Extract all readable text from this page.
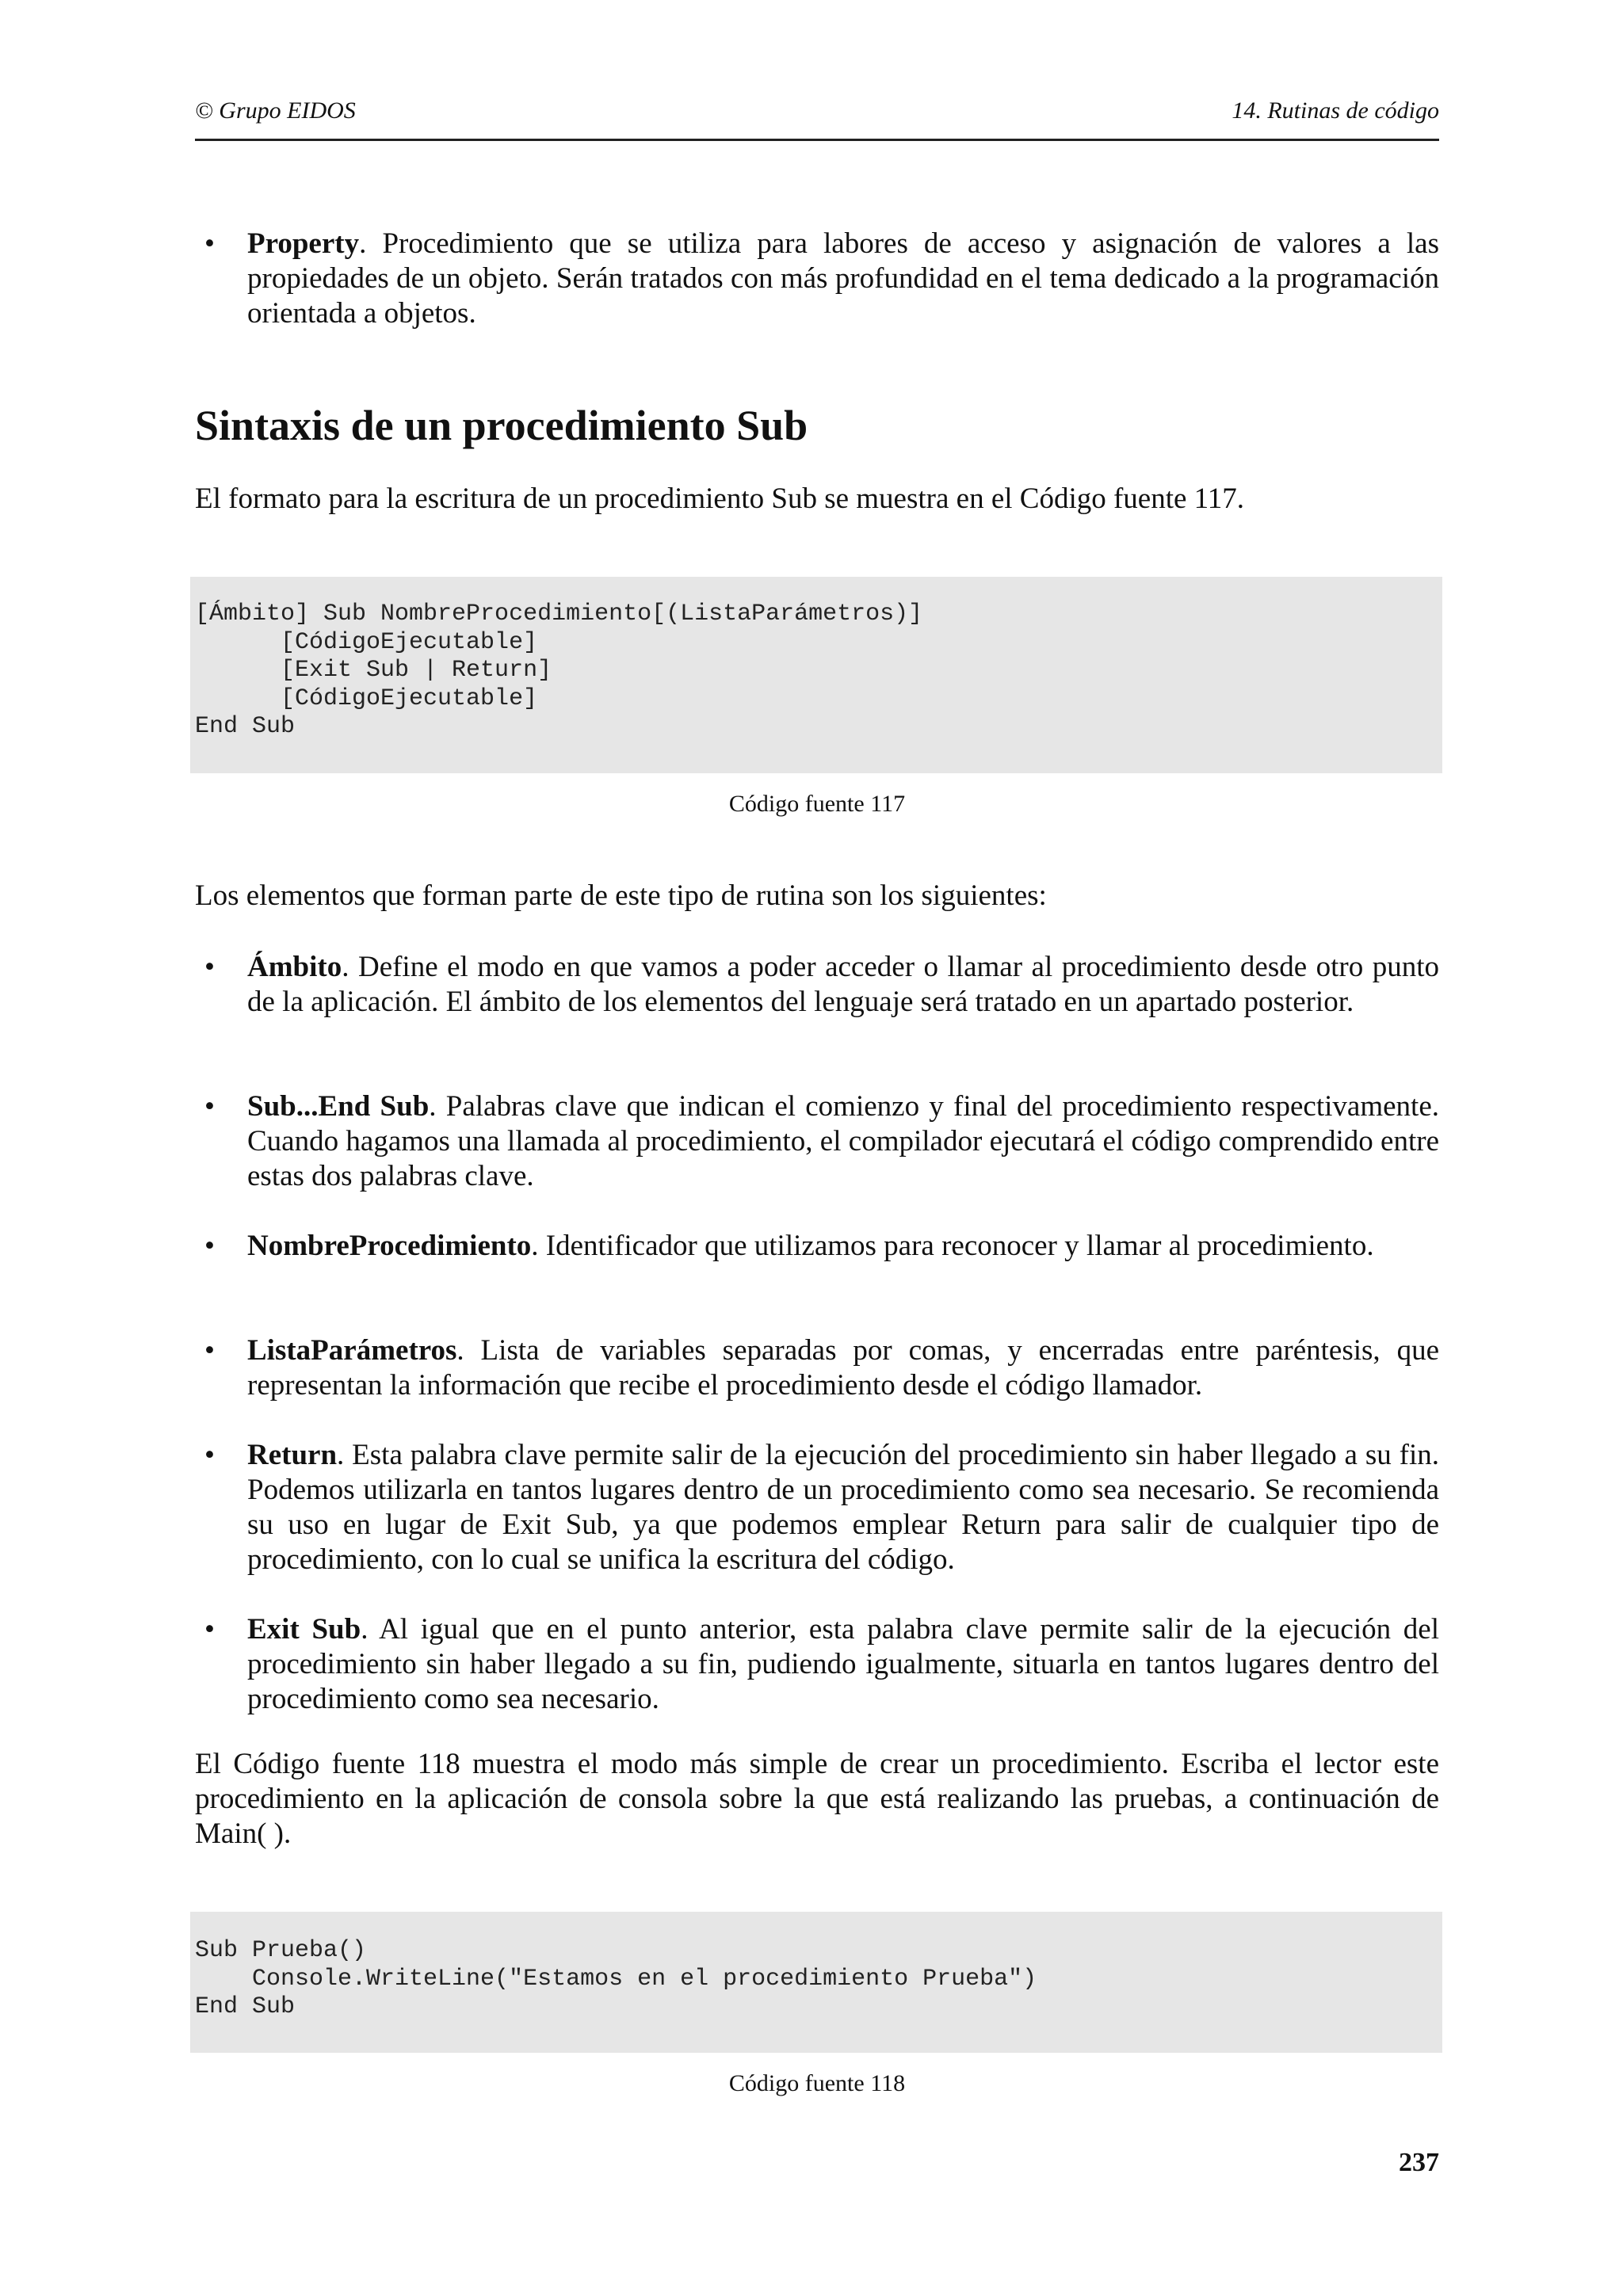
© Grupo EIDOS	14. Rutinas de código
• Property. Procedimiento que se utiliza para labores de acceso y asignación de valores a las propiedades de un objeto. Serán tratados con más profundidad en el tema dedicado a la programación orientada a objetos.

Sintaxis de un procedimiento Sub

El formato para la escritura de un procedimiento Sub se muestra en el Código fuente 117.

[Ámbito] Sub NombreProcedimiento[(ListaParámetros)]
[CódigoEjecutable]
[Exit Sub | Return]
[CódigoEjecutable]
End Sub
Código fuente 117

Los elementos que forman parte de este tipo de rutina son los siguientes:

• Ámbito. Define el modo en que vamos a poder acceder o llamar al procedimiento desde otro punto de la aplicación. El ámbito de los elementos del lenguaje será tratado en un apartado posterior.

• Sub...End Sub. Palabras clave que indican el comienzo y final del procedimiento respectivamente. Cuando hagamos una llamada al procedimiento, el compilador ejecutará el código comprendido entre estas dos palabras clave.

• NombreProcedimiento. Identificador que utilizamos para reconocer y llamar al procedimiento.

• ListaParámetros. Lista de variables separadas por comas, y encerradas entre paréntesis, que representan la información que recibe el procedimiento desde el código llamador.

• Return. Esta palabra clave permite salir de la ejecución del procedimiento sin haber llegado a su fin. Podemos utilizarla en tantos lugares dentro de un procedimiento como sea necesario. Se recomienda su uso en lugar de Exit Sub, ya que podemos emplear Return para salir de cualquier tipo de procedimiento, con lo cual se unifica la escritura del código.

• Exit Sub. Al igual que en el punto anterior, esta palabra clave permite salir de la ejecución del procedimiento sin haber llegado a su fin, pudiendo igualmente, situarla en tantos lugares dentro del procedimiento como sea necesario.

El Código fuente 118 muestra el modo más simple de crear un procedimiento. Escriba el lector este procedimiento en la aplicación de consola sobre la que está realizando las pruebas, a continuación de Main( ).

Sub Prueba()
Console.WriteLine("Estamos en el procedimiento Prueba")
End Sub
Código fuente 118
237
